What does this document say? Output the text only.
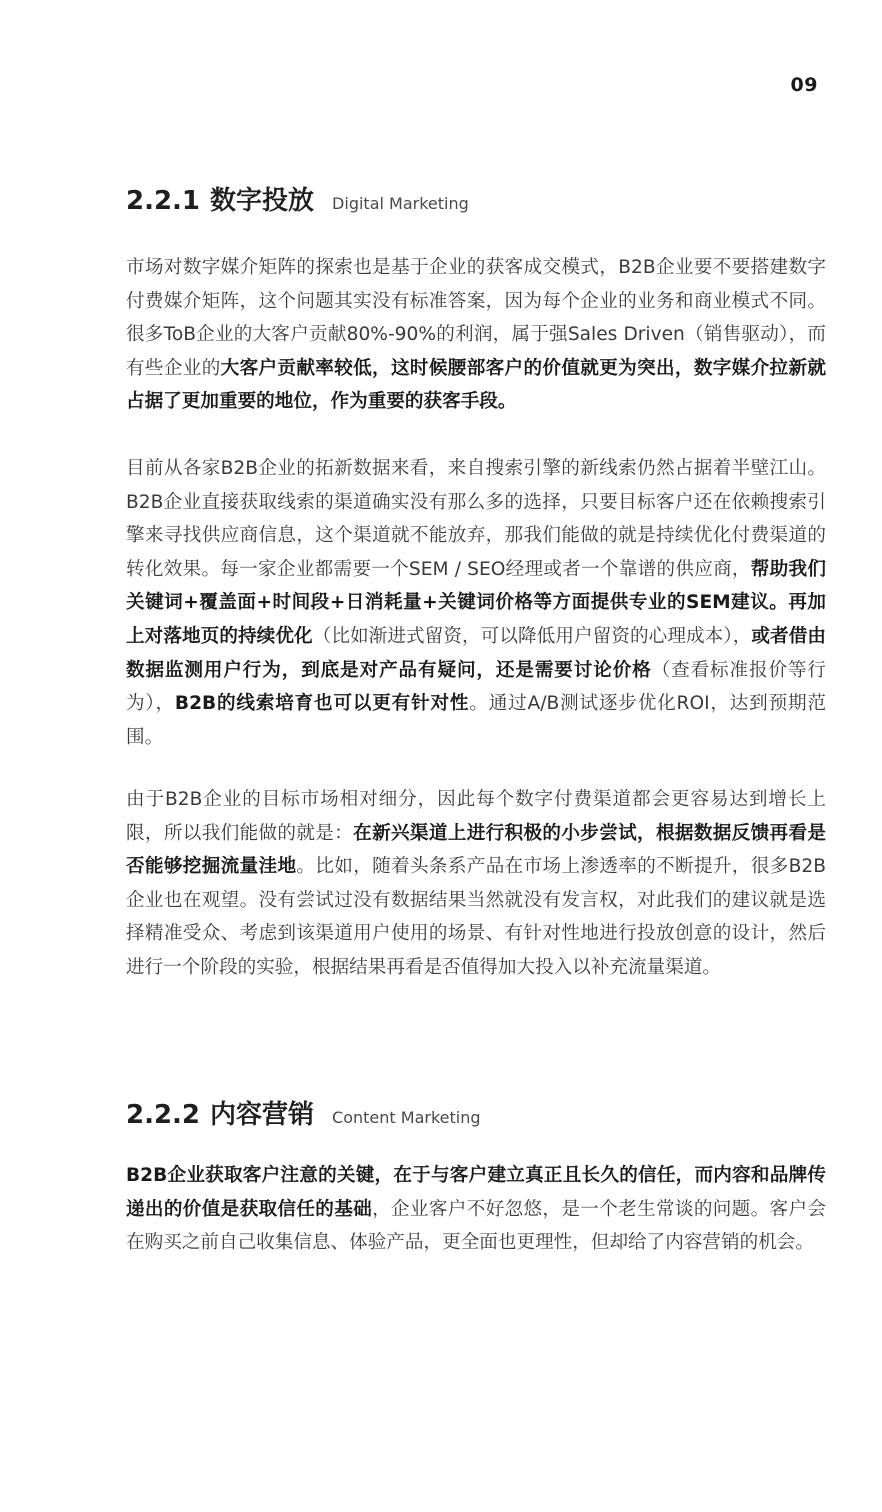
09
2.2.1 数字投放 Digital Marketing

市场对数字媒介矩阵的探索也是基于企业的获客成交模式，B2B企业要不要搭建数字付费媒介矩阵，这个问题其实没有标准答案，因为每个企业的业务和商业模式不同。很多ToB企业的大客户贡献80%-90%的利润，属于强Sales Driven（销售驱动），而有些企业的大客户贡献率较低，这时候腰部客户的价值就更为突出，数字媒介拉新就占据了更加重要的地位，作为重要的获客手段。

目前从各家B2B企业的拓新数据来看，来自搜索引擎的新线索仍然占据着半壁江山。B2B企业直接获取线索的渠道确实没有那么多的选择，只要目标客户还在依赖搜索引擎来寻找供应商信息，这个渠道就不能放弃，那我们能做的就是持续优化付费渠道的转化效果。每一家企业都需要一个SEM / SEO经理或者一个靠谱的供应商，帮助我们关键词+覆盖面+时间段+日消耗量+关键词价格等方面提供专业的SEM建议。再加上对落地页的持续优化（比如渐进式留资，可以降低用户留资的心理成本），或者借由数据监测用户行为，到底是对产品有疑问，还是需要讨论价格（查看标准报价等行为），B2B的线索培育也可以更有针对性。通过A/B测试逐步优化ROI，达到预期范围。

由于B2B企业的目标市场相对细分，因此每个数字付费渠道都会更容易达到增长上限，所以我们能做的就是：在新兴渠道上进行积极的小步尝试，根据数据反馈再看是否能够挖掘流量洼地。比如，随着头条系产品在市场上渗透率的不断提升，很多B2B企业也在观望。没有尝试过没有数据结果当然就没有发言权，对此我们的建议就是选择精准受众、考虑到该渠道用户使用的场景、有针对性地进行投放创意的设计，然后进行一个阶段的实验，根据结果再看是否值得加大投入以补充流量渠道。

2.2.2 内容营销 Content Marketing

B2B企业获取客户注意的关键，在于与客户建立真正且长久的信任，而内容和品牌传递出的价值是获取信任的基础，企业客户不好忽悠，是一个老生常谈的问题。客户会在购买之前自己收集信息、体验产品，更全面也更理性，但却给了内容营销的机会。
